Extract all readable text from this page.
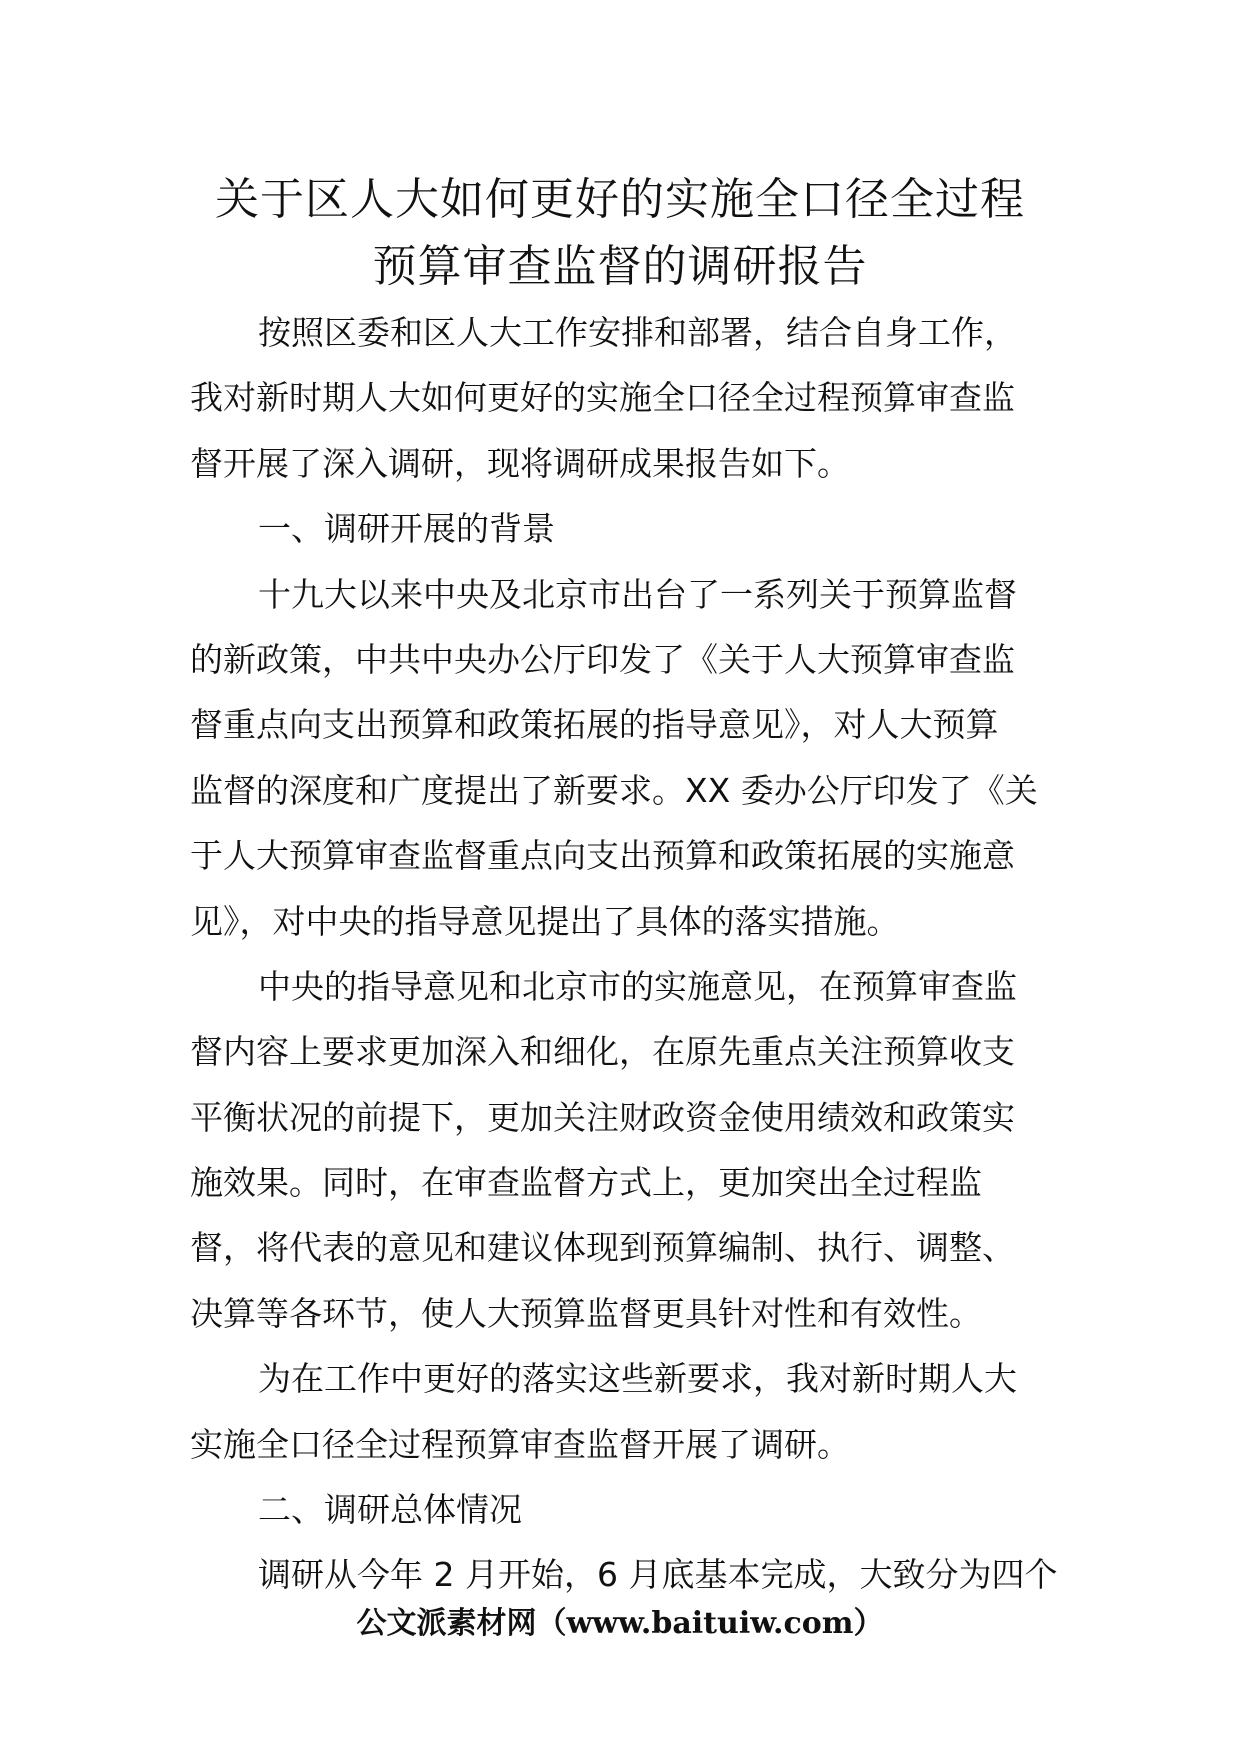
关于区人大如何更好的实施全口径全过程
预算审查监督的调研报告
按照区委和区人大工作安排和部署，结合自身工作，
我对新时期人大如何更好的实施全口径全过程预算审查监
督开展了深入调研，现将调研成果报告如下。
一、调研开展的背景
十九大以来中央及北京市出台了一系列关于预算监督
的新政策，中共中央办公厅印发了《关于人大预算审查监
督重点向支出预算和政策拓展的指导意见》，对人大预算
监督的深度和广度提出了新要求。XX 委办公厅印发了《关
于人大预算审查监督重点向支出预算和政策拓展的实施意
见》，对中央的指导意见提出了具体的落实措施。
中央的指导意见和北京市的实施意见，在预算审查监
督内容上要求更加深入和细化，在原先重点关注预算收支
平衡状况的前提下，更加关注财政资金使用绩效和政策实
施效果。同时，在审查监督方式上，更加突出全过程监
督，将代表的意见和建议体现到预算编制、执行、调整、
决算等各环节，使人大预算监督更具针对性和有效性。
为在工作中更好的落实这些新要求，我对新时期人大
实施全口径全过程预算审查监督开展了调研。
二、调研总体情况
调研从今年 2 月开始，6 月底基本完成，大致分为四个
公文派素材网（www.baituiw.com）
